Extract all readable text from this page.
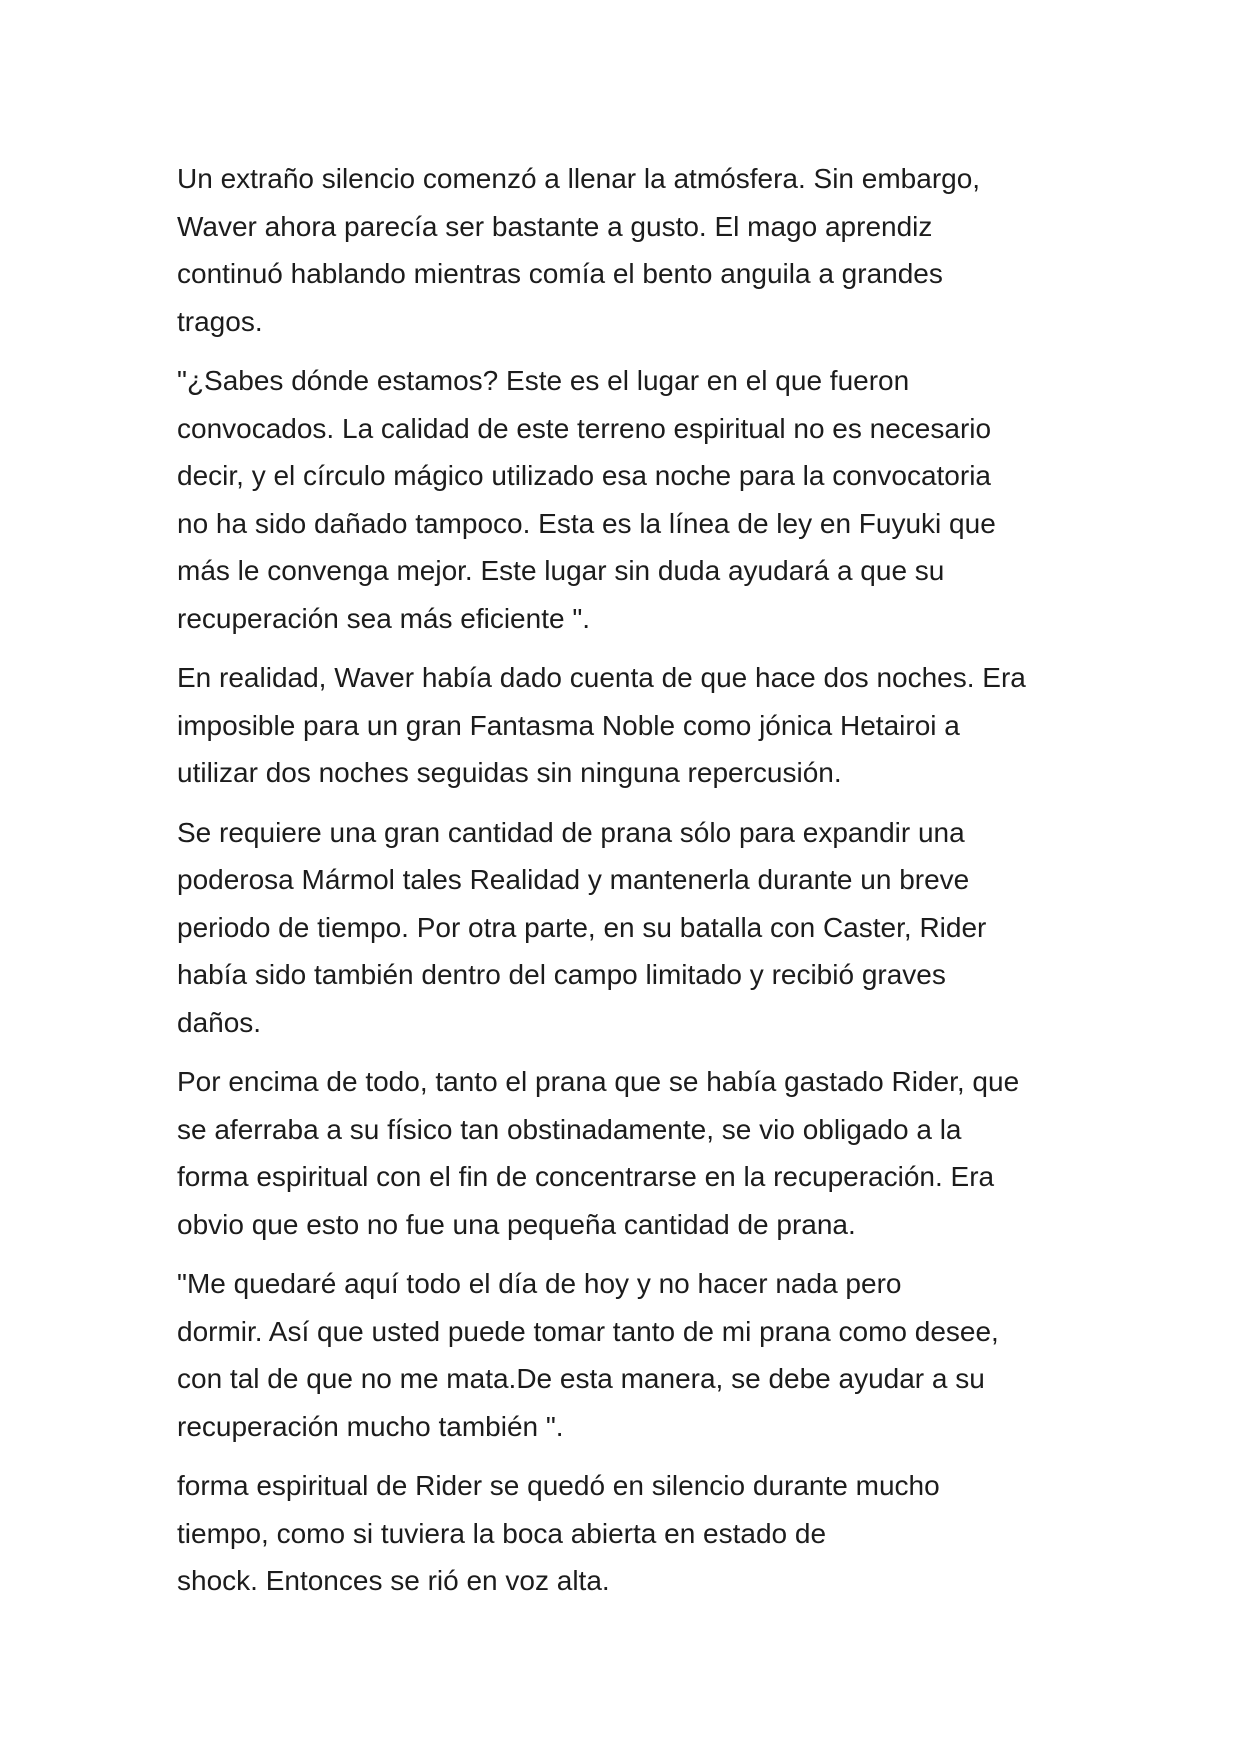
Un extraño silencio comenzó a llenar la atmósfera. Sin embargo,
Waver ahora parecía ser bastante a gusto. El mago aprendiz
continuó hablando mientras comía el bento anguila a grandes
tragos.

"¿Sabes dónde estamos? Este es el lugar en el que fueron
convocados. La calidad de este terreno espiritual no es necesario
decir, y el círculo mágico utilizado esa noche para la convocatoria
no ha sido dañado tampoco. Esta es la línea de ley en Fuyuki que
más le convenga mejor. Este lugar sin duda ayudará a que su
recuperación sea más eficiente ".

En realidad, Waver había dado cuenta de que hace dos noches. Era
imposible para un gran Fantasma Noble como jónica Hetairoi a
utilizar dos noches seguidas sin ninguna repercusión.

Se requiere una gran cantidad de prana sólo para expandir una
poderosa Mármol tales Realidad y mantenerla durante un breve
periodo de tiempo. Por otra parte, en su batalla con Caster, Rider
había sido también dentro del campo limitado y recibió graves
daños.

Por encima de todo, tanto el prana que se había gastado Rider, que
se aferraba a su físico tan obstinadamente, se vio obligado a la
forma espiritual con el fin de concentrarse en la recuperación. Era
obvio que esto no fue una pequeña cantidad de prana.

"Me quedaré aquí todo el día de hoy y no hacer nada pero
dormir. Así que usted puede tomar tanto de mi prana como desee,
con tal de que no me mata.De esta manera, se debe ayudar a su
recuperación mucho también ".

forma espiritual de Rider se quedó en silencio durante mucho
tiempo, como si tuviera la boca abierta en estado de
shock. Entonces se rió en voz alta.
